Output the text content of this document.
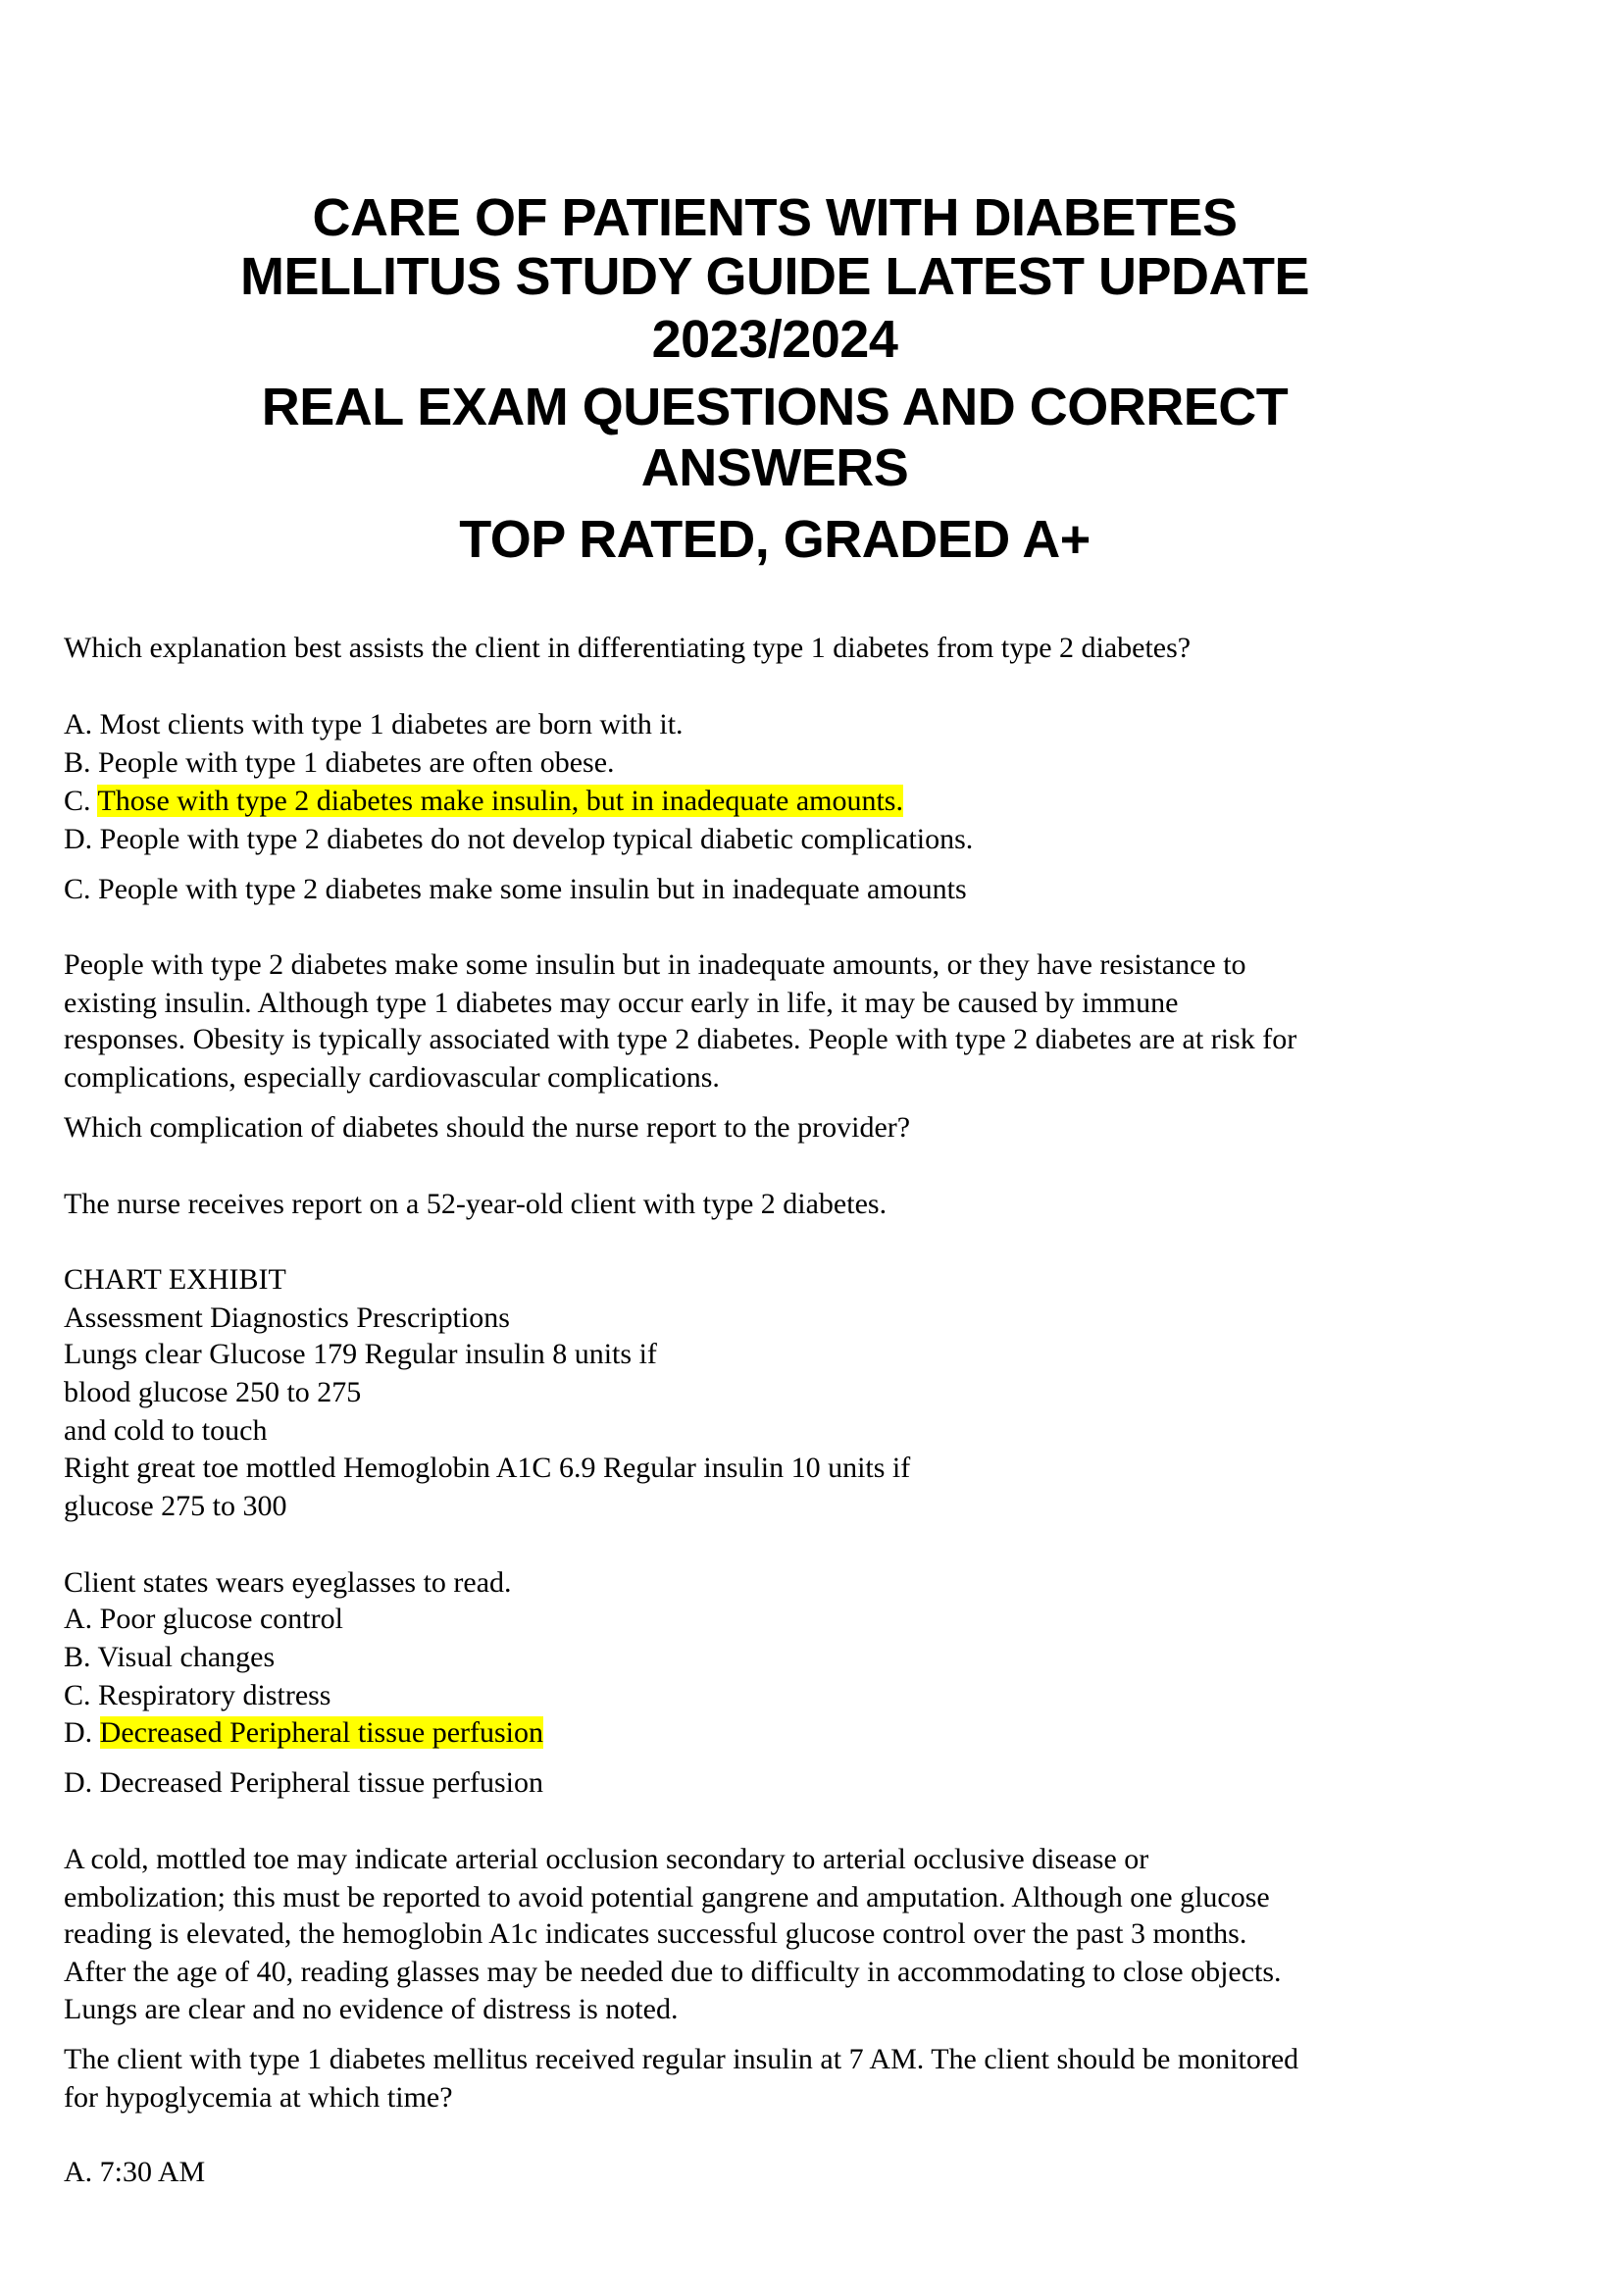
CARE OF PATIENTS WITH DIABETES
MELLITUS STUDY GUIDE LATEST UPDATE
2023/2024
REAL EXAM QUESTIONS AND CORRECT
ANSWERS
TOP RATED, GRADED A+
Which explanation best assists the client in differentiating type 1 diabetes from type 2 diabetes?
A. Most clients with type 1 diabetes are born with it.
B. People with type 1 diabetes are often obese.
C. Those with type 2 diabetes make insulin, but in inadequate amounts.
D. People with type 2 diabetes do not develop typical diabetic complications.
C. People with type 2 diabetes make some insulin but in inadequate amounts
People with type 2 diabetes make some insulin but in inadequate amounts, or they have resistance to
existing insulin. Although type 1 diabetes may occur early in life, it may be caused by immune
responses. Obesity is typically associated with type 2 diabetes. People with type 2 diabetes are at risk for
complications, especially cardiovascular complications.
Which complication of diabetes should the nurse report to the provider?
The nurse receives report on a 52-year-old client with type 2 diabetes.
CHART EXHIBIT
Assessment Diagnostics Prescriptions
Lungs clear Glucose 179 Regular insulin 8 units if
blood glucose 250 to 275
and cold to touch
Right great toe mottled Hemoglobin A1C 6.9 Regular insulin 10 units if
glucose 275 to 300
Client states wears eyeglasses to read.
A. Poor glucose control
B. Visual changes
C. Respiratory distress
D. Decreased Peripheral tissue perfusion
D. Decreased Peripheral tissue perfusion
A cold, mottled toe may indicate arterial occlusion secondary to arterial occlusive disease or
embolization; this must be reported to avoid potential gangrene and amputation. Although one glucose
reading is elevated, the hemoglobin A1c indicates successful glucose control over the past 3 months.
After the age of 40, reading glasses may be needed due to difficulty in accommodating to close objects.
Lungs are clear and no evidence of distress is noted.
The client with type 1 diabetes mellitus received regular insulin at 7 AM. The client should be monitored
for hypoglycemia at which time?
A. 7:30 AM
